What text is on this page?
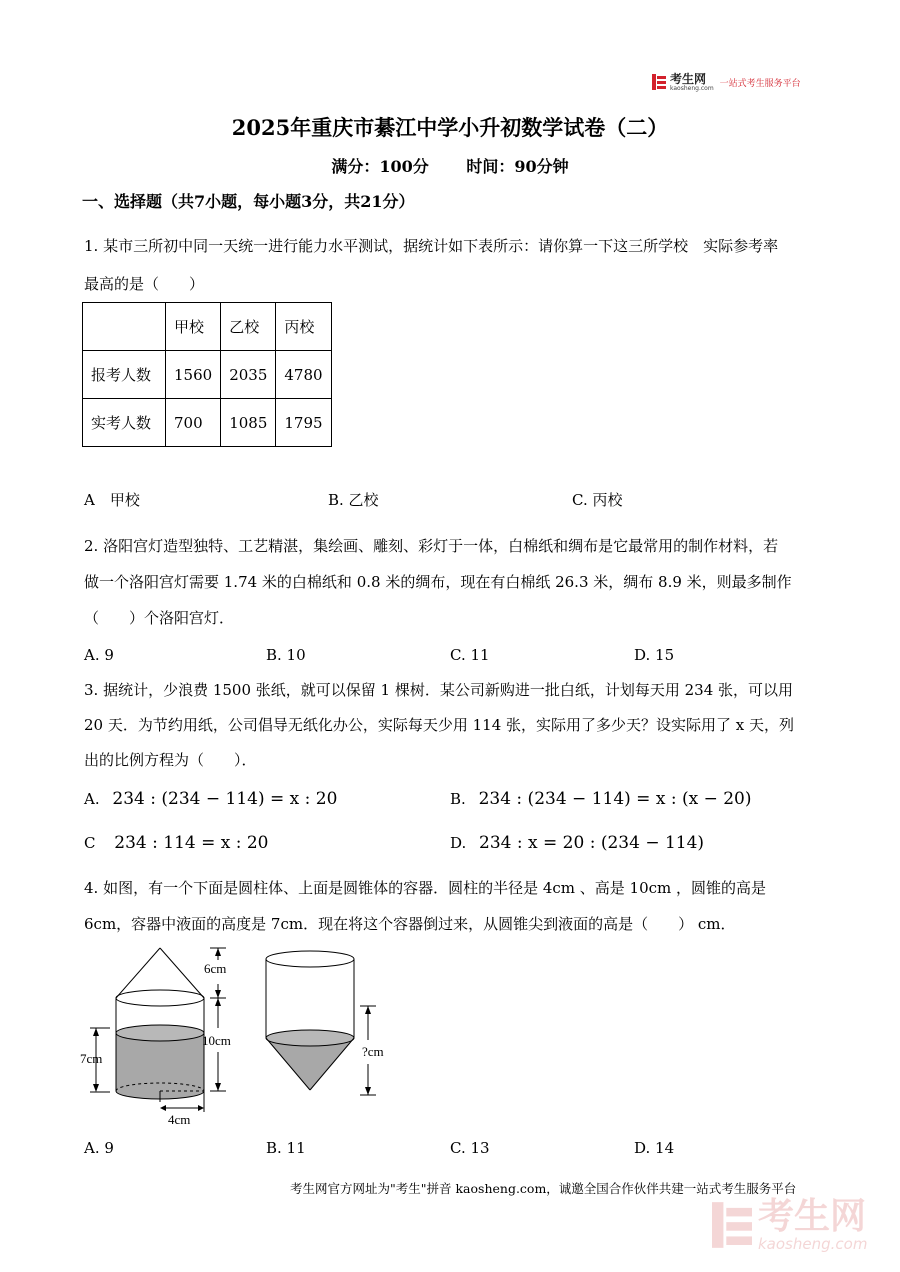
考生网
kaosheng.com 一站式考生服务平台
2025年重庆市綦江中学小升初数学试卷（二）
满分：100分 时间：90分钟
一、选择题（共7小题，每小题3分，共21分）
1. 某市三所初中同一天统一进行能力水平测试，据统计如下表所示：请你算一下这三所学校　实际参考率
最高的是（　　）
	甲校	乙校	丙校
报考人数	1560	2035	4780
实考人数	700	1085	1795
A　甲校	B. 乙校	C. 丙校
2. 洛阳宫灯造型独特、工艺精湛，集绘画、雕刻、彩灯于一体，白棉纸和绸布是它最常用的制作材料，若
做一个洛阳宫灯需要 1.74 米的白棉纸和 0.8 米的绸布，现在有白棉纸 26.3 米，绸布 8.9 米，则最多制作
（　　）个洛阳宫灯．
A. 9	B. 10	C. 11	D. 15
3. 据统计，少浪费 1500 张纸，就可以保留 1 棵树．某公司新购进一批白纸，计划每天用 234 张，可以用
20 天．为节约用纸，公司倡导无纸化办公，实际每天少用 114 张，实际用了多少天？设实际用了 x 天，列
出的比例方程为（　　）．
A. 234 : (234 − 114) = x : 20	B. 234 : (234 − 114) = x : (x − 20)
C 234 : 114 = x : 20	D. 234 : x = 20 : (234 − 114)
4. 如图，有一个下面是圆柱体、上面是圆锥体的容器．圆柱的半径是 4cm 、高是 10cm ，圆锥的高是
6cm，容器中液面的高度是 7cm．现在将这个容器倒过来，从圆锥尖到液面的高是（　　） cm．
6cm
10cm
7cm
4cm
?cm
A. 9	B. 11	C. 13	D. 14
考生网官方网址为"考生"拼音 kaosheng.com，诚邀全国合作伙伴共建一站式考生服务平台
考生网
kaosheng.com
